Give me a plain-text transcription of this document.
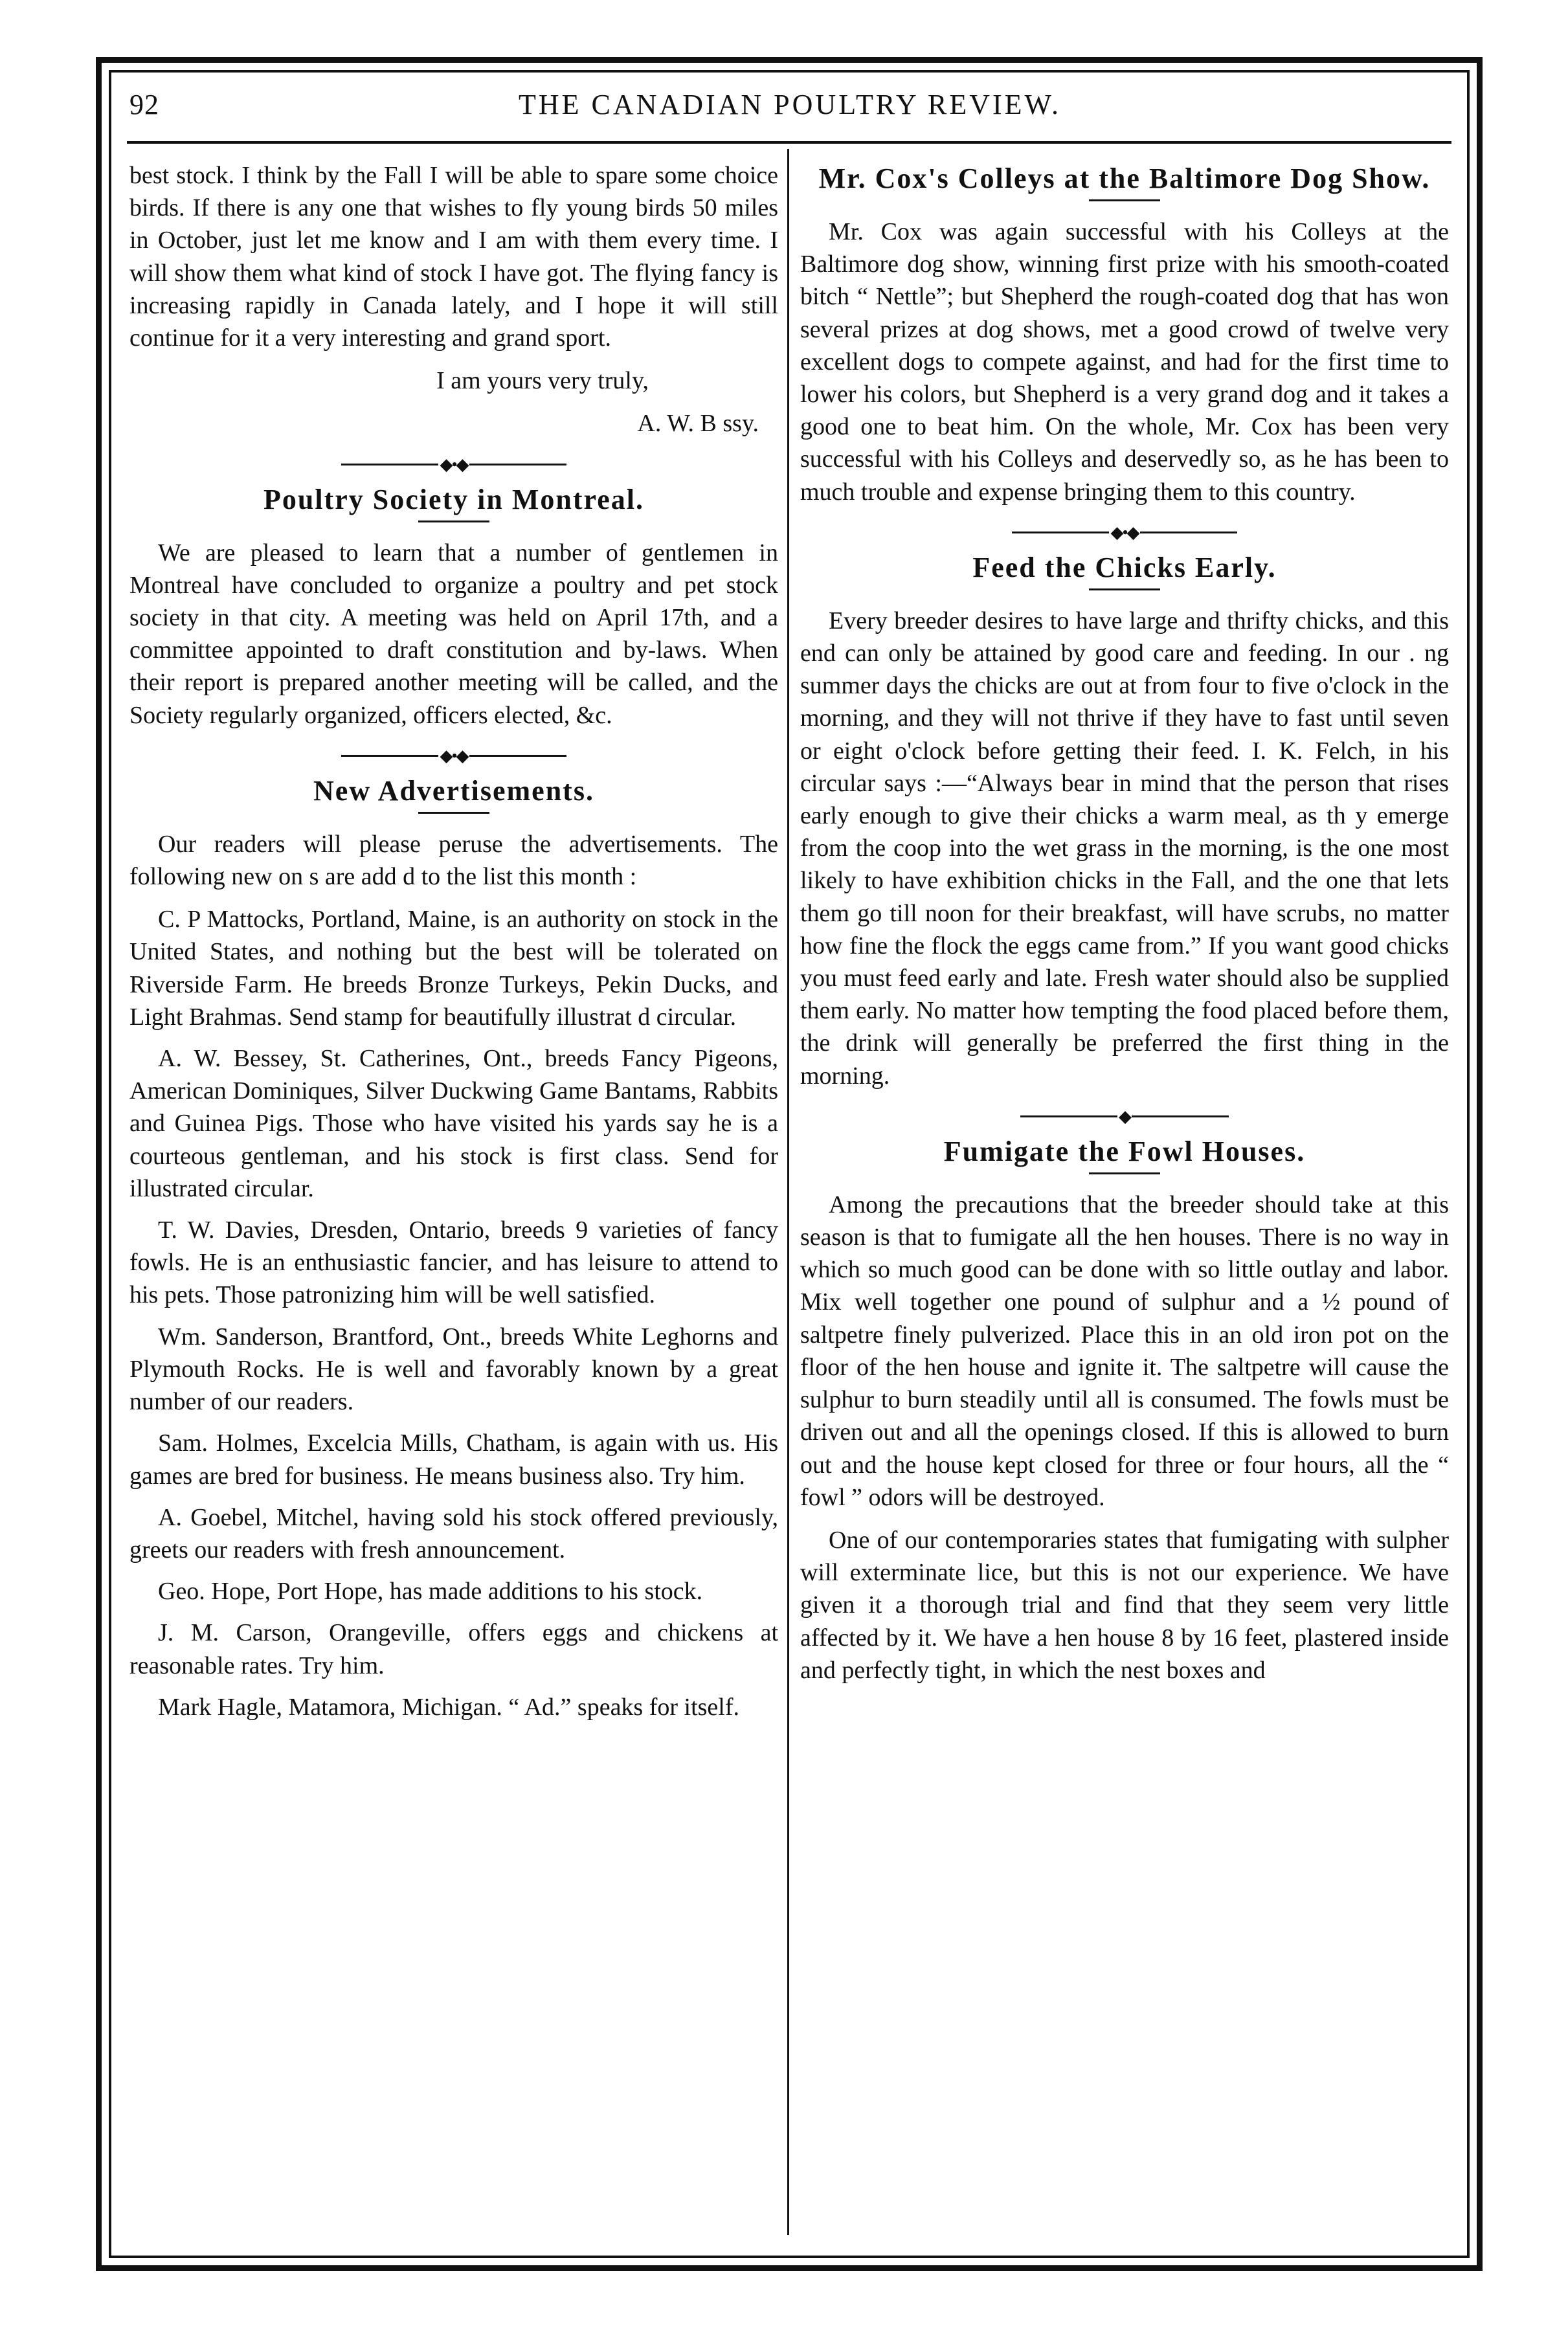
92	THE CANADIAN POULTRY REVIEW.

best stock. I think by the Fall I will be able to spare some choice birds. If there is any one that wishes to fly young birds 50 miles in October, just let me know and I am with them every time. I will show them what kind of stock I have got. The flying fancy is increasing rapidly in Canada lately, and I hope it will still continue for it a very interesting and grand sport.

I am yours very truly,

A. W. B ssy.

◆•◆
Poultry Society in Montreal.

We are pleased to learn that a number of gentlemen in Montreal have concluded to organize a poultry and pet stock society in that city. A meeting was held on April 17th, and a committee appointed to draft constitution and by-laws. When their report is prepared another meeting will be called, and the Society regularly organized, officers elected, &c.

◆•◆
New Advertisements.

Our readers will please peruse the advertisements. The following new on s are add d to the list this month :

C. P Mattocks, Portland, Maine, is an authority on stock in the United States, and nothing but the best will be tolerated on Riverside Farm. He breeds Bronze Turkeys, Pekin Ducks, and Light Brahmas. Send stamp for beautifully illustrat d circular.

A. W. Bessey, St. Catherines, Ont., breeds Fancy Pigeons, American Dominiques, Silver Duckwing Game Bantams, Rabbits and Guinea Pigs. Those who have visited his yards say he is a courteous gentleman, and his stock is first class. Send for illustrated circular.

T. W. Davies, Dresden, Ontario, breeds 9 varieties of fancy fowls. He is an enthusiastic fancier, and has leisure to attend to his pets. Those patronizing him will be well satisfied.

Wm. Sanderson, Brantford, Ont., breeds White Leghorns and Plymouth Rocks. He is well and favorably known by a great number of our readers.

Sam. Holmes, Excelcia Mills, Chatham, is again with us. His games are bred for business. He means business also. Try him.

A. Goebel, Mitchel, having sold his stock offered previously, greets our readers with fresh announcement.

Geo. Hope, Port Hope, has made additions to his stock.

J. M. Carson, Orangeville, offers eggs and chickens at reasonable rates. Try him.

Mark Hagle, Matamora, Michigan. “ Ad.” speaks for itself.

Mr. Cox's Colleys at the Baltimore Dog Show.

Mr. Cox was again successful with his Colleys at the Baltimore dog show, winning first prize with his smooth-coated bitch “ Nettle”; but Shepherd the rough-coated dog that has won several prizes at dog shows, met a good crowd of twelve very excellent dogs to compete against, and had for the first time to lower his colors, but Shepherd is a very grand dog and it takes a good one to beat him. On the whole, Mr. Cox has been very successful with his Colleys and deservedly so, as he has been to much trouble and expense bringing them to this country.

◆•◆
Feed the Chicks Early.

Every breeder desires to have large and thrifty chicks, and this end can only be attained by good care and feeding. In our . ng summer days the chicks are out at from four to five o'clock in the morning, and they will not thrive if they have to fast until seven or eight o'clock before getting their feed. I. K. Felch, in his circular says :—“Always bear in mind that the person that rises early enough to give their chicks a warm meal, as th y emerge from the coop into the wet grass in the morning, is the one most likely to have exhibition chicks in the Fall, and the one that lets them go till noon for their breakfast, will have scrubs, no matter how fine the flock the eggs came from.” If you want good chicks you must feed early and late. Fresh water should also be supplied them early. No matter how tempting the food placed before them, the drink will generally be preferred the first thing in the morning.

◆
Fumigate the Fowl Houses.

Among the precautions that the breeder should take at this season is that to fumigate all the hen houses. There is no way in which so much good can be done with so little outlay and labor. Mix well together one pound of sulphur and a ½ pound of saltpetre finely pulverized. Place this in an old iron pot on the floor of the hen house and ignite it. The saltpetre will cause the sulphur to burn steadily until all is consumed. The fowls must be driven out and all the openings closed. If this is allowed to burn out and the house kept closed for three or four hours, all the “ fowl ” odors will be destroyed.

One of our contemporaries states that fumigating with sulpher will exterminate lice, but this is not our experience. We have given it a thorough trial and find that they seem very little affected by it. We have a hen house 8 by 16 feet, plastered inside and perfectly tight, in which the nest boxes and
